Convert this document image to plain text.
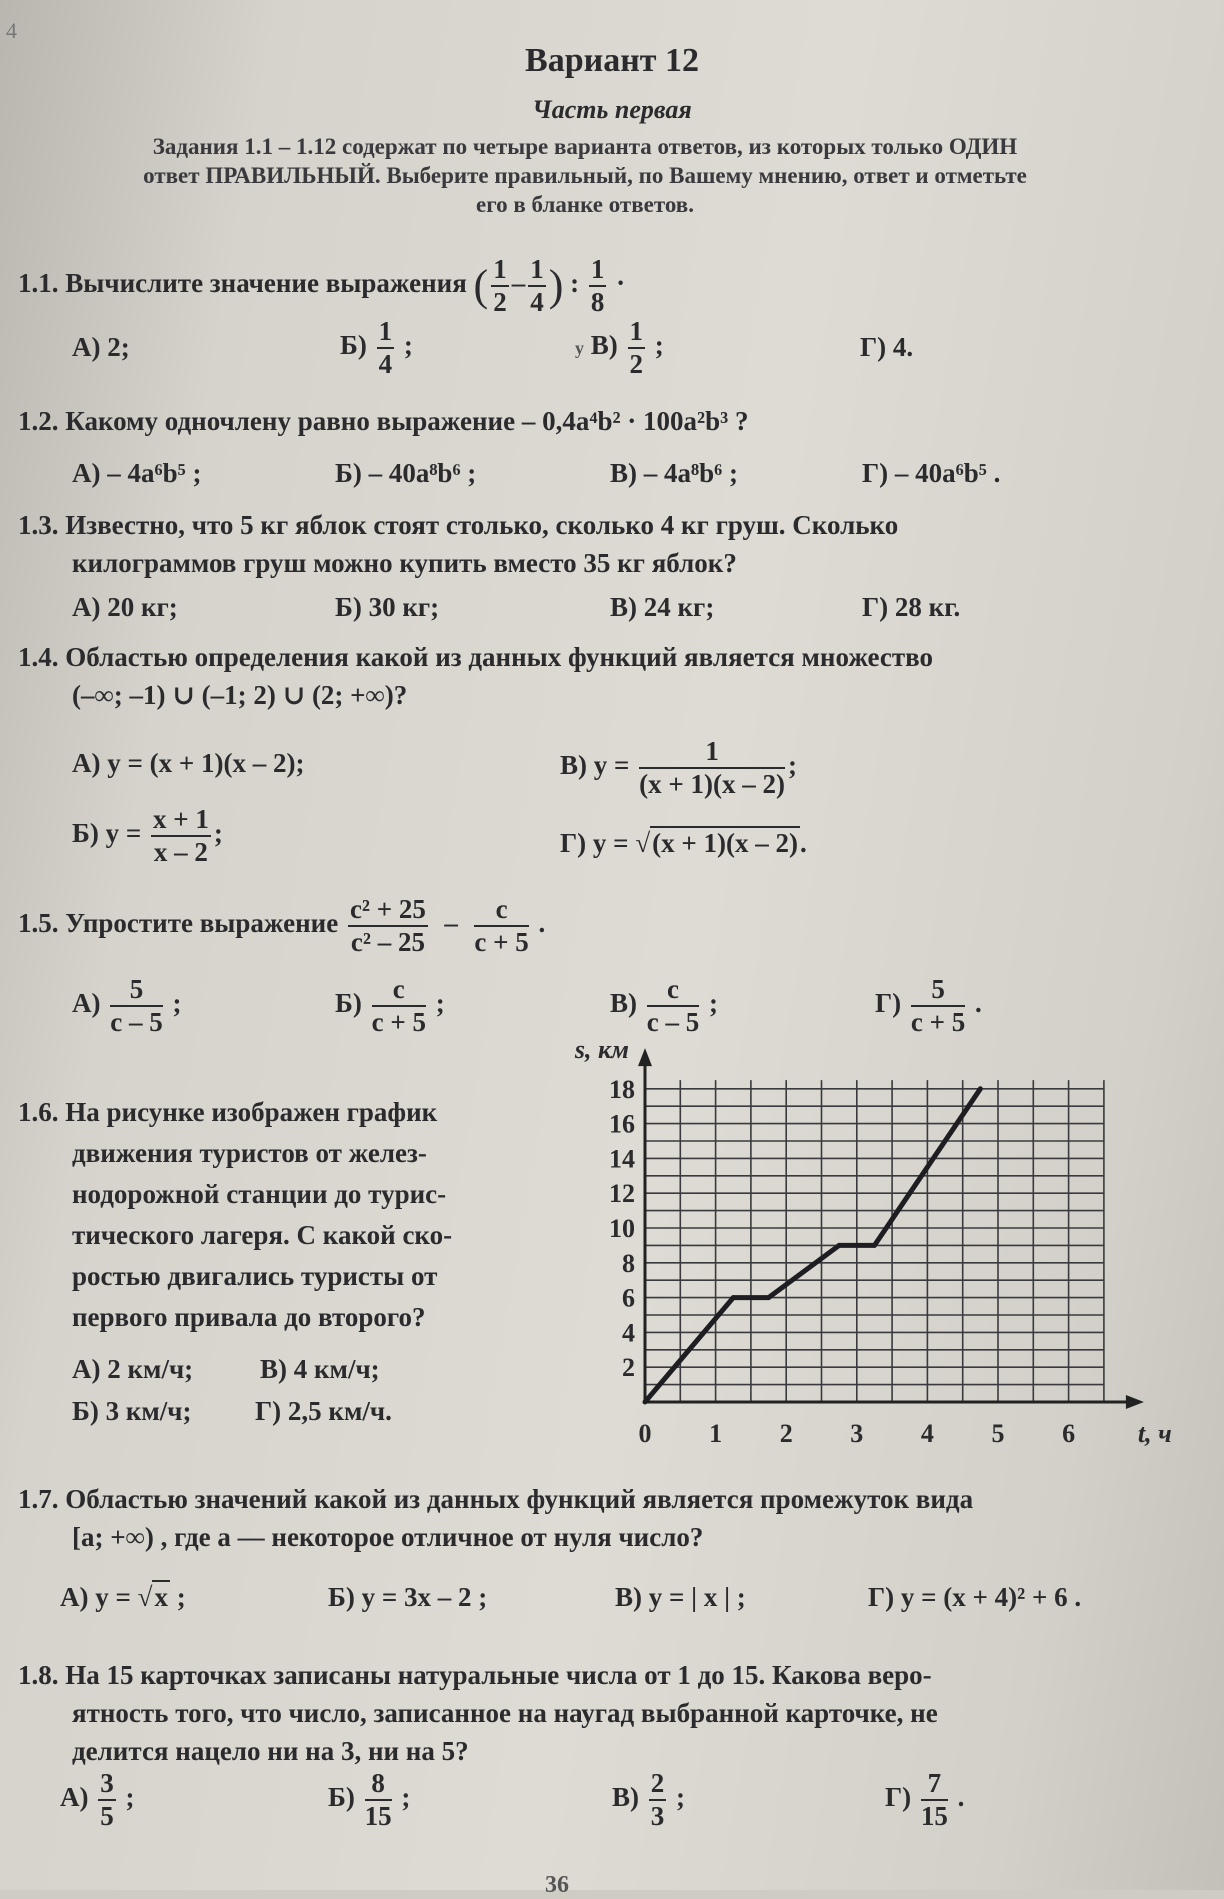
4
Вариант 12
Часть первая
Задания 1.1 – 1.12 содержат по четыре варианта ответов, из которых только ОДИН
ответ ПРАВИЛЬНЫЙ. Выберите правильный, по Вашему мнению, ответ и отметьте
его в бланке ответов.
1.1. Вычислите значение выражения ( $\frac{1}{2} - \frac{1}{4}$ ) : $\frac{1}{8}$ ·
А) 2;	$Б) \frac{1}{4}$ ;	у $В) \frac{1}{2}$ ;	Г) 4.
1.2. Какому одночлену равно выражение – 0,4a⁴b² · 100a²b³ ?
А) – 4a⁶b⁵ ;	Б) – 40a⁸b⁶ ;	В) – 4a⁸b⁶ ;	Г) – 40a⁶b⁵ .
1.3. Известно, что 5 кг яблок стоят столько, сколько 4 кг груш. Сколько
килограммов груш можно купить вместо 35 кг яблок?
А) 20 кг;	Б) 30 кг;	В) 24 кг;	Г) 28 кг.
1.4. Областью определения какой из данных функций является множество
(–∞; –1) ∪ (–1; 2) ∪ (2; +∞)?
А) y = (x + 1)(x – 2);	В) $y = \frac{1}{(x + 1)(x - 2)}$ ;
Б) $y = \frac{x + 1}{x - 2}$ ;	Г) y = √(x + 1)(x – 2).
1.5. Упростите выражение $\frac{\text{c² + 25}}{\text{c² – 25}} - \frac{c}{c + 5}$ .
$А) \frac{5}{c - 5}$ ;	$Б) \frac{c}{c + 5}$ ;	$В) \frac{c}{c - 5}$ ;	$Г) \frac{5}{c + 5}$ .
1.6. На рисунке изображен график
движения туристов от желез-
нодорожной станции до турис-
тического лагеря. С какой ско-
ростью двигались туристы от
первого привала до второго?
А) 2 км/ч; В) 4 км/ч;
Б) 3 км/ч; Г) 2,5 км/ч.
0 1 2 3 4 5 6
2
4
6
8
10
12
14
16
18
s, км
t, ч
1.7. Областью значений какой из данных функций является промежуток вида
[a; +∞) , где a — некоторое отличное от нуля число?
А) y = √x ;	Б) y = 3x – 2 ;	В) y = | x | ;	Г) y = (x + 4)² + 6 .
1.8. На 15 карточках записаны натуральные числа от 1 до 15. Какова веро-
ятность того, что число, записанное на наугад выбранной карточке, не
делится нацело ни на 3, ни на 5?
$А) \frac{3}{5}$ ;	$Б) \frac{8}{15}$ ;	$В) \frac{2}{3}$ ;	$Г) \frac{7}{15}$ .
36
